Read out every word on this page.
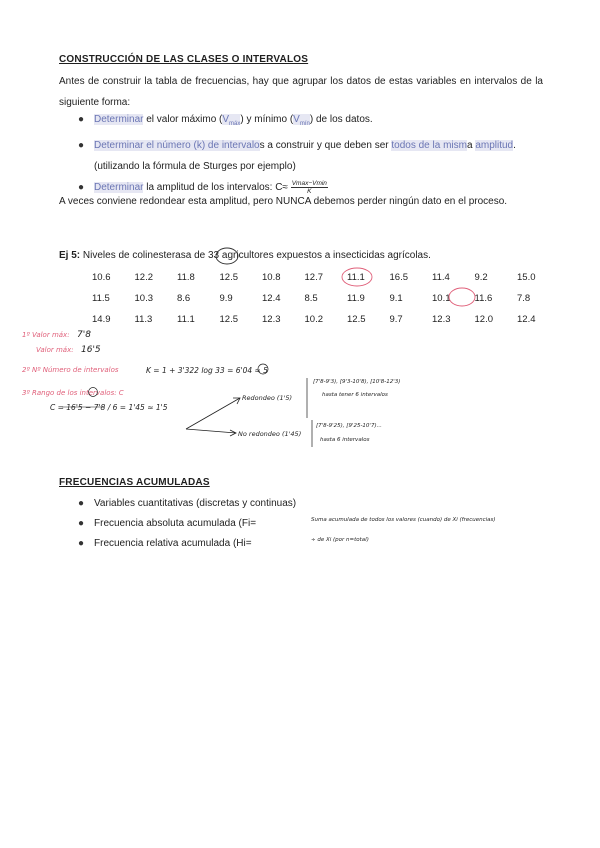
CONSTRUCCIÓN DE LAS CLASES O INTERVALOS
Antes de construir la tabla de frecuencias, hay que agrupar los datos de estas variables en intervalos de la siguiente forma:
● Determinar el valor máximo $(V_{máx})$ y mínimo $(V_{mín})$ de los datos.
● Determinar el número (k) de intervalos a construir y que deben ser todos de la misma amplitud. (utilizando la fórmula de Sturges por ejemplo)
● Determinar la amplitud de los intervalos: $C\approx \frac{Vmax-Vmin}{K}$
A veces conviene redondear esta amplitud, pero NUNCA debemos perder ningún dato en el proceso.
Ej 5: Niveles de colinesterasa de 33 agricultores expuestos a insecticidas agrícolas.
10.6	12.2	11.8	12.5	10.8	12.7	11.1	16.5	11.4	9.2	15.0
11.5	10.3	8.6	9.9	12.4	8.5	11.9	9.1	10.1	11.6	7.8
14.9	11.3	11.1	12.5	12.3	10.2	12.5	9.7	12.3	12.0	12.4
1º Valor máx: 7'8
Valor máx: 16'5
2º Nº Número de intervalos	K = 1 + 3'322 log 33 = 6'04 ≈ 5
3º Rango de los intervalos: C
C = 16'5 − 7'8 / 6 = 1'45 ≈ 1'5
Redondeo (1'5)
[7'8-9'3), [9'3-10'8), [10'8-12'3)
hasta tener 6 intervalos
No redondeo (1'45)
[7'8-9'25), [9'25-10'7)...
hasta 6 intervalos
Suma acumulada de todos los valores (cuando) de Xi (frecuencias)
÷ de Xi (por n=total)
FRECUENCIAS ACUMULADAS
● Variables cuantitativas (discretas y continuas)
● Frecuencia absoluta acumulada (Fi=
● Frecuencia relativa acumulada (Hi=
